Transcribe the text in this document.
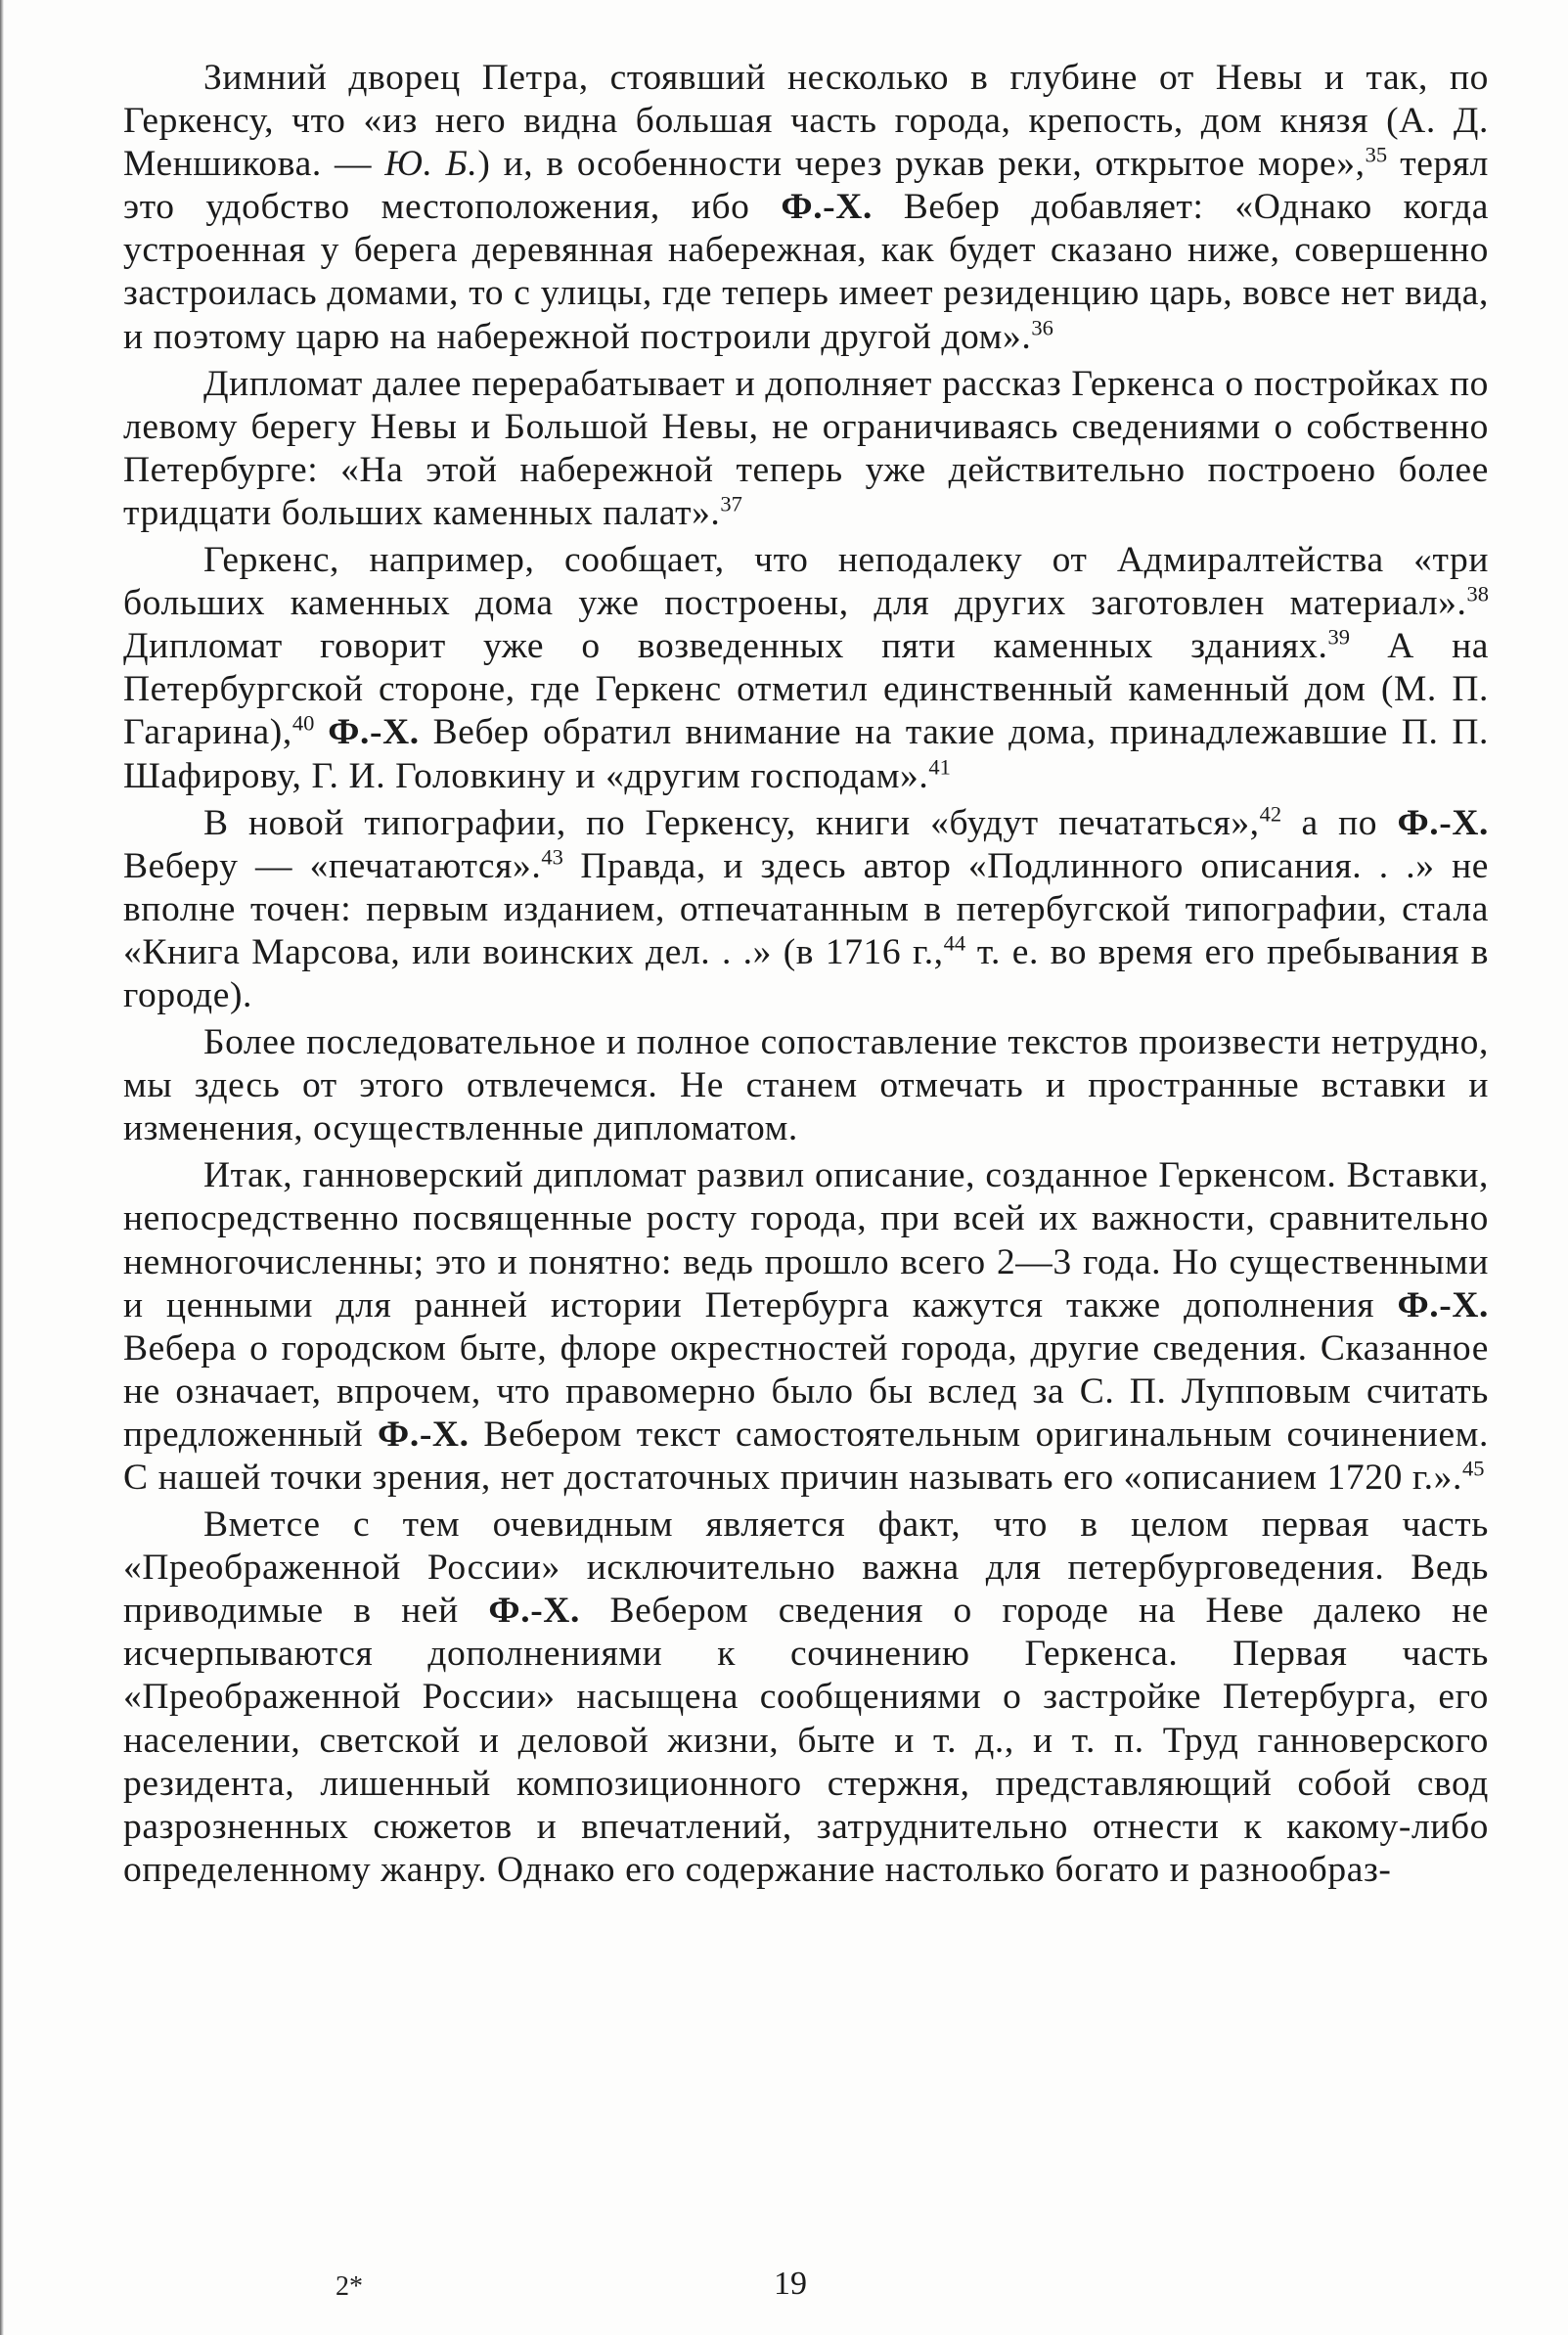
Зимний дворец Петра, стоявший несколько в глубине от Невы и так, по Геркенсу, что «из него видна большая часть города, крепость, дом князя (А. Д. Меншикова. — Ю. Б.) и, в особенности через рукав реки, открытое море»,$^{35}$ терял это удобство местоположения, ибо Ф.-Х. Вебер добавляет: «Однако когда устроенная у берега деревянная набережная, как будет сказано ниже, совершенно застроилась домами, то с улицы, где теперь имеет резиденцию царь, вовсе нет вида, и поэтому царю на набережной построили другой дом».$^{36}$

Дипломат далее перерабатывает и дополняет рассказ Геркенса о постройках по левому берегу Невы и Большой Невы, не ограничиваясь сведениями о собственно Петербурге: «На этой набережной теперь уже действительно построено более тридцати больших каменных палат».$^{37}$

Геркенс, например, сообщает, что неподалеку от Адмиралтейства «три больших каменных дома уже построены, для других заготовлен материал».$^{38}$ Дипломат говорит уже о возведенных пяти каменных зданиях.$^{39}$ А на Петербургской стороне, где Геркенс отметил единственный каменный дом (М. П. Гагарина),$^{40}$ Ф.-Х. Вебер обратил внимание на такие дома, принадлежавшие П. П. Шафирову, Г. И. Головкину и «другим господам».$^{41}$

В новой типографии, по Геркенсу, книги «будут печататься»,$^{42}$ а по Ф.-Х. Веберу — «печатаются».$^{43}$ Правда, и здесь автор «Подлинного описания. . .» не вполне точен: первым изданием, отпечатанным в петербугской типографии, стала «Книга Марсова, или воинских дел. . .» (в 1716 г.,$^{44}$ т. е. во время его пребывания в городе).

Более последовательное и полное сопоставление текстов произвести нетрудно, мы здесь от этого отвлечемся. Не станем отмечать и пространные вставки и изменения, осуществленные дипломатом.

Итак, ганноверский дипломат развил описание, созданное Геркенсом. Вставки, непосредственно посвященные росту города, при всей их важности, сравнительно немногочисленны; это и понятно: ведь прошло всего 2—3 года. Но существенными и ценными для ранней истории Петербурга кажутся также дополнения Ф.-Х. Вебера о городском быте, флоре окрестностей города, другие сведения. Сказанное не означает, впрочем, что правомерно было бы вслед за С. П. Лупповым считать предложенный Ф.-Х. Вебером текст самостоятельным оригинальным сочинением. С нашей точки зрения, нет достаточных причин называть его «описанием 1720 г.».$^{45}$

Вметсе с тем очевидным является факт, что в целом первая часть «Преображенной России» исключительно важна для петербурговедения. Ведь приводимые в ней Ф.-Х. Вебером сведения о городе на Неве далеко не исчерпываются дополнениями к сочинению Геркенса. Первая часть «Преображенной России» насыщена сообщениями о застройке Петербурга, его населении, светской и деловой жизни, быте и т. д., и т. п. Труд ганноверского резидента, лишенный композиционного стержня, представляющий собой свод разрозненных сюжетов и впечатлений, затруднительно отнести к какому-либо определенному жанру. Однако его содержание настолько богато и разнообраз-

2*	19
